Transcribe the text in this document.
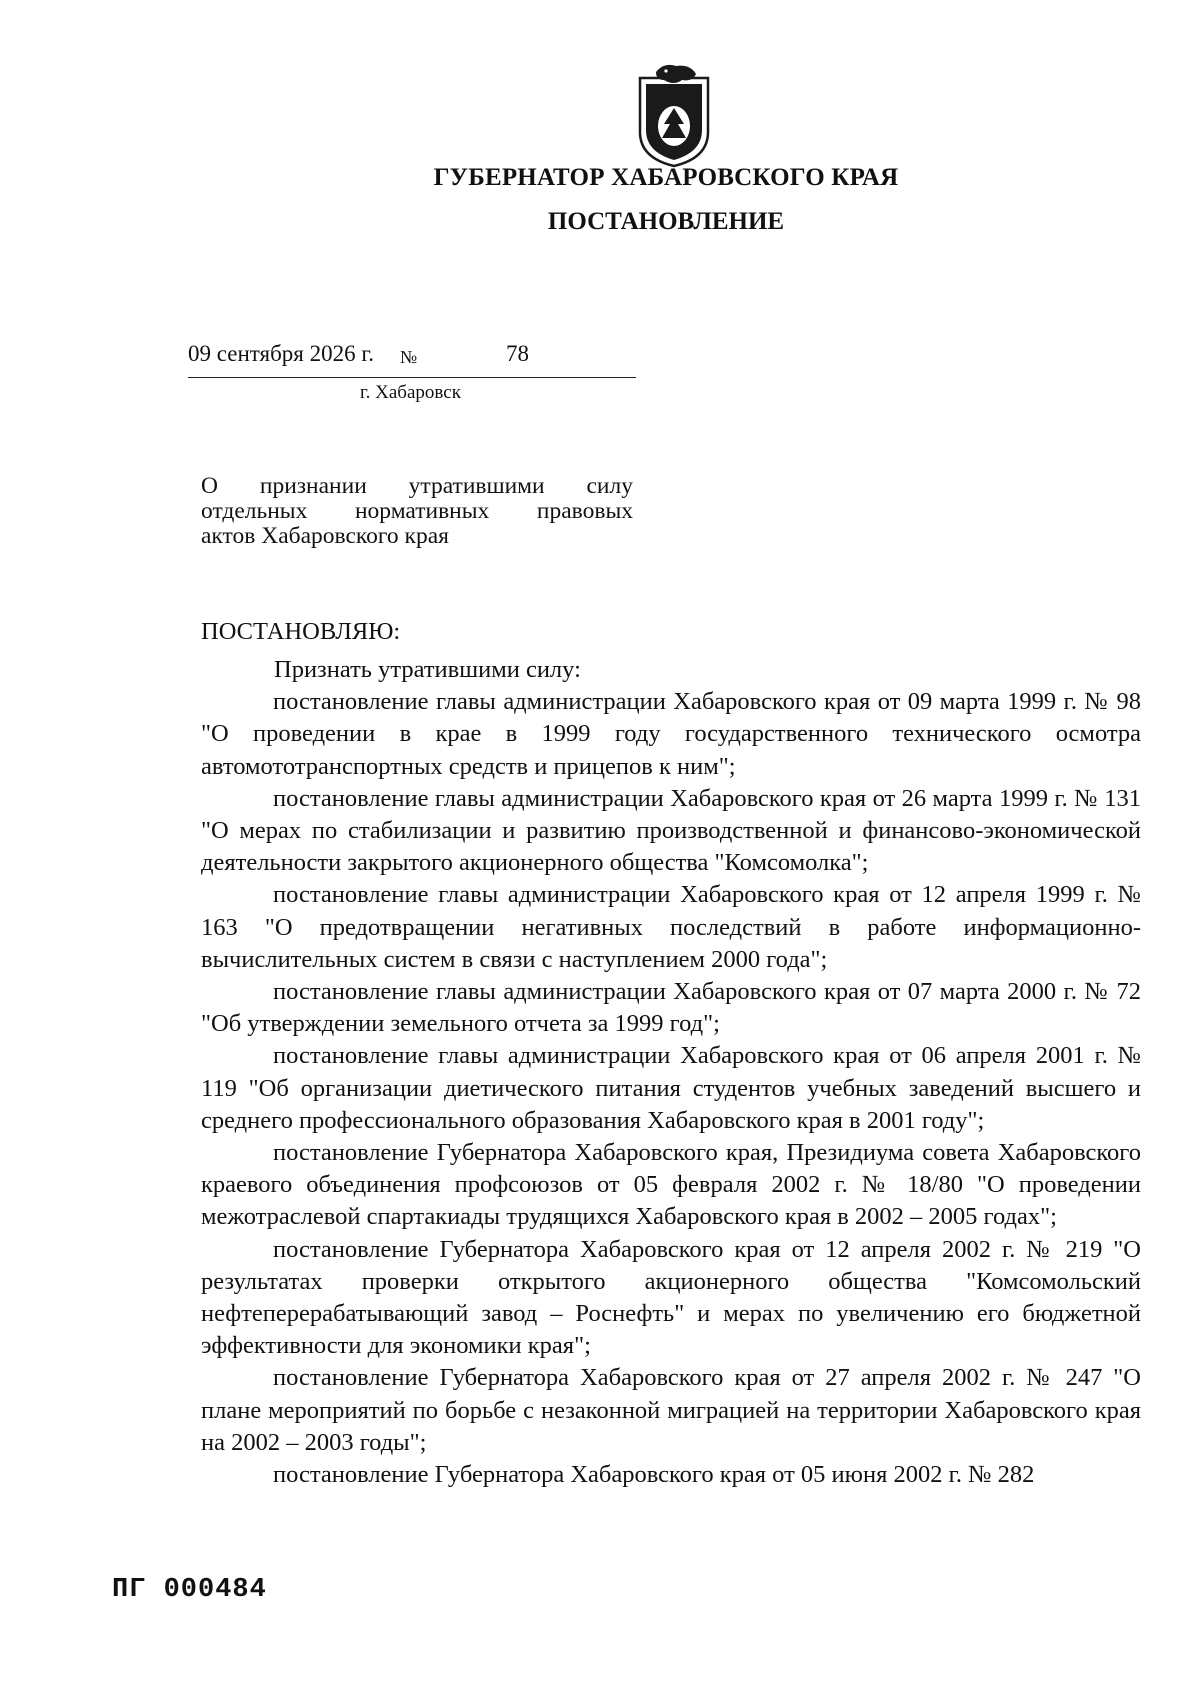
ГУБЕРНАТОР ХАБАРОВСКОГО КРАЯ
ПОСТАНОВЛЕНИЕ
09 сентября 2026 г. №	78
г. Хабаровск
О признании утратившими силу
отдельных нормативных правовых
актов Хабаровского края
ПОСТАНОВЛЯЮ:

Признать утратившими силу:

постановление главы администрации Хабаровского края от 09 марта 1999 г. № 98 "О проведении в крае в 1999 году государственного технического осмотра автомототранспортных средств и прицепов к ним";

постановление главы администрации Хабаровского края от 26 марта 1999 г. № 131 "О мерах по стабилизации и развитию производственной и финансово-экономической деятельности закрытого акционерного общества "Комсомолка";

постановление главы администрации Хабаровского края от 12 апреля 1999 г. № 163 "О предотвращении негативных последствий в работе информационно-вычислительных систем в связи с наступлением 2000 года";

постановление главы администрации Хабаровского края от 07 марта 2000 г. № 72 "Об утверждении земельного отчета за 1999 год";

постановление главы администрации Хабаровского края от 06 апреля 2001 г. № 119 "Об организации диетического питания студентов учебных заведений высшего и среднего профессионального образования Хабаровского края в 2001 году";

постановление Губернатора Хабаровского края, Президиума совета Хабаровского краевого объединения профсоюзов от 05 февраля 2002 г. № 18/80 "О проведении межотраслевой спартакиады трудящихся Хабаровского края в 2002 – 2005 годах";

постановление Губернатора Хабаровского края от 12 апреля 2002 г. № 219 "О результатах проверки открытого акционерного общества "Комсомольский нефтеперерабатывающий завод – Роснефть" и мерах по увеличению его бюджетной эффективности для экономики края";

постановление Губернатора Хабаровского края от 27 апреля 2002 г. № 247 "О плане мероприятий по борьбе с незаконной миграцией на территории Хабаровского края на 2002 – 2003 годы";

постановление Губернатора Хабаровского края от 05 июня 2002 г. № 282

ПГ 000484
